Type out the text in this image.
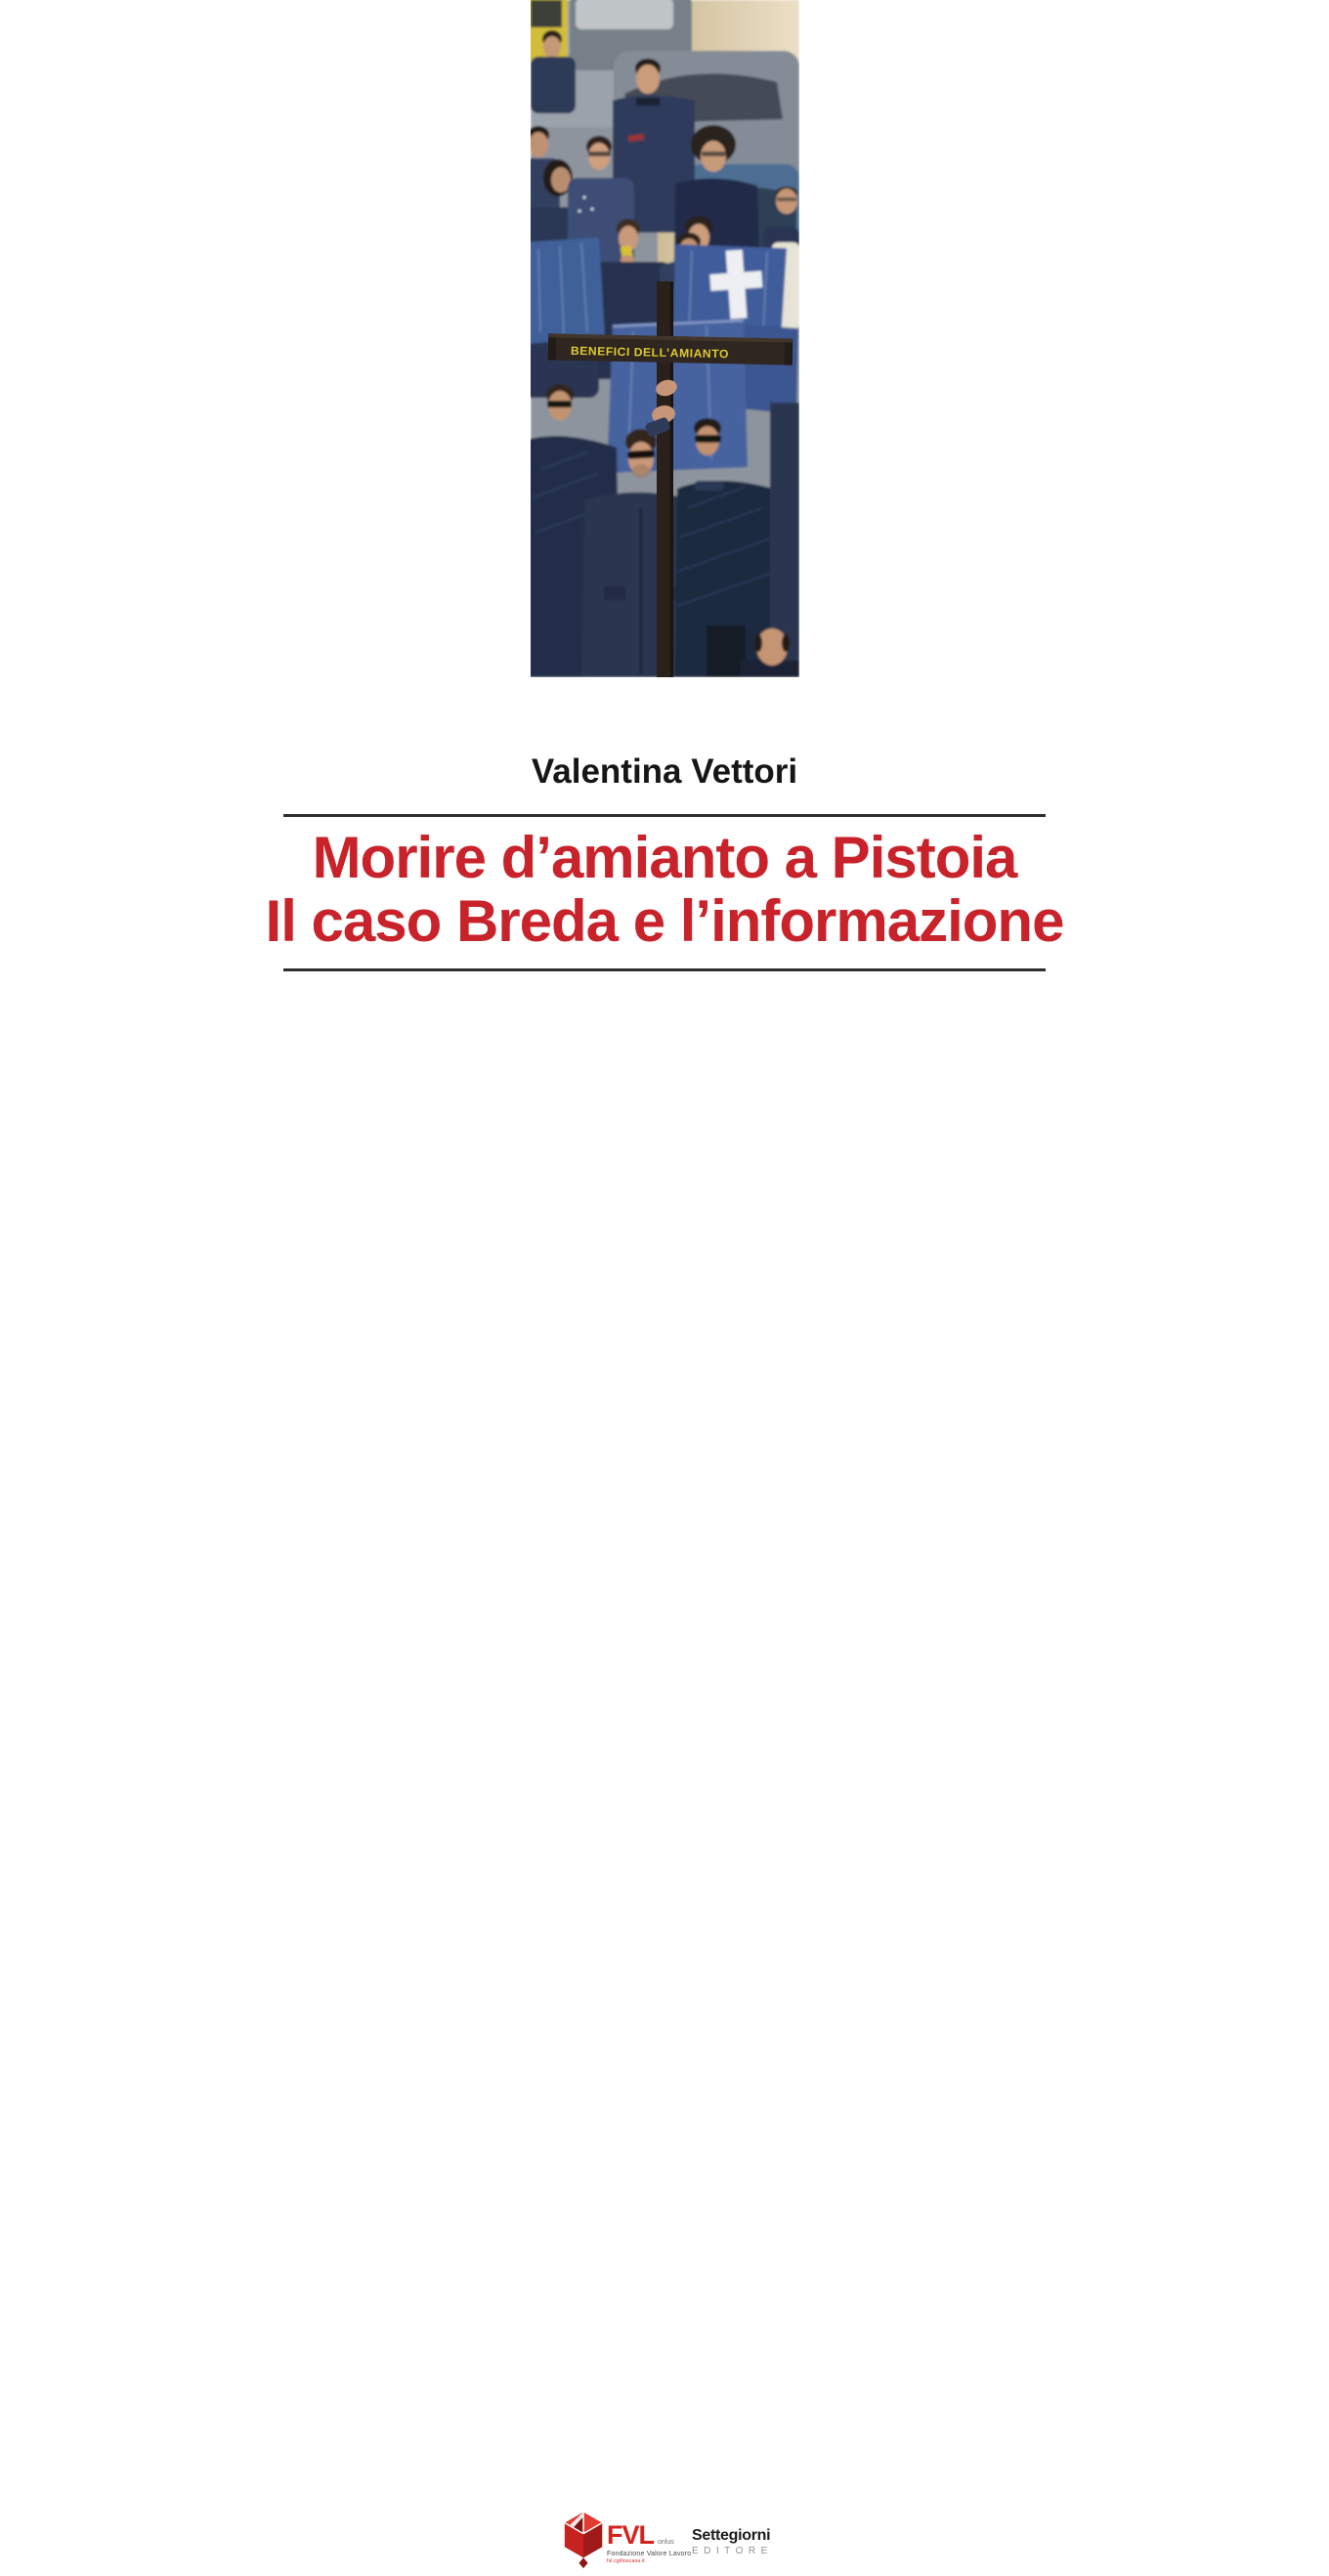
BENEFICI DELL’AMIANTO
Valentina Vettori
Morire d’amianto a Pistoia
Il caso Breda e l’informazione
FVL onlus
Fondazione Valore Lavoro
fvl.cgiltoscana.it
Settegiorni
EDITORE
